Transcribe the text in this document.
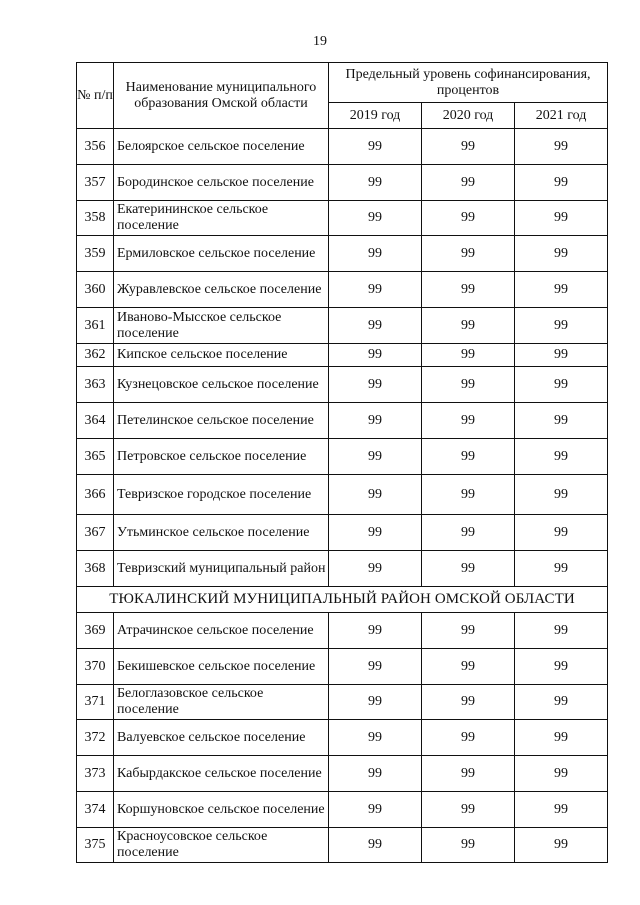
19
№ п/п	Наименование муниципального образования Омской области	Предельный уровень софинансирования, процентов		
		2019 год	2020 год	2021 год
356	Белоярское сельское поселение	99	99	99
357	Бородинское сельское поселение	99	99	99
358	Екатерининское сельское поселение	99	99	99
359	Ермиловское сельское поселение	99	99	99
360	Журавлевское сельское поселение	99	99	99
361	Иваново-Мысское сельское поселение	99	99	99
362	Кипское сельское поселение	99	99	99
363	Кузнецовское сельское поселение	99	99	99
364	Петелинское сельское поселение	99	99	99
365	Петровское сельское поселение	99	99	99
366	Тевризское городское поселение	99	99	99
367	Утьминское сельское поселение	99	99	99
368	Тевризский муниципальный район	99	99	99
ТЮКАЛИНСКИЙ МУНИЦИПАЛЬНЫЙ РАЙОН ОМСКОЙ ОБЛАСТИ				
369	Атрачинское сельское поселение	99	99	99
370	Бекишевское сельское поселение	99	99	99
371	Белоглазовское сельское поселение	99	99	99
372	Валуевское сельское поселение	99	99	99
373	Кабырдакское сельское поселение	99	99	99
374	Коршуновское сельское поселение	99	99	99
375	Красноусовское сельское поселение	99	99	99
